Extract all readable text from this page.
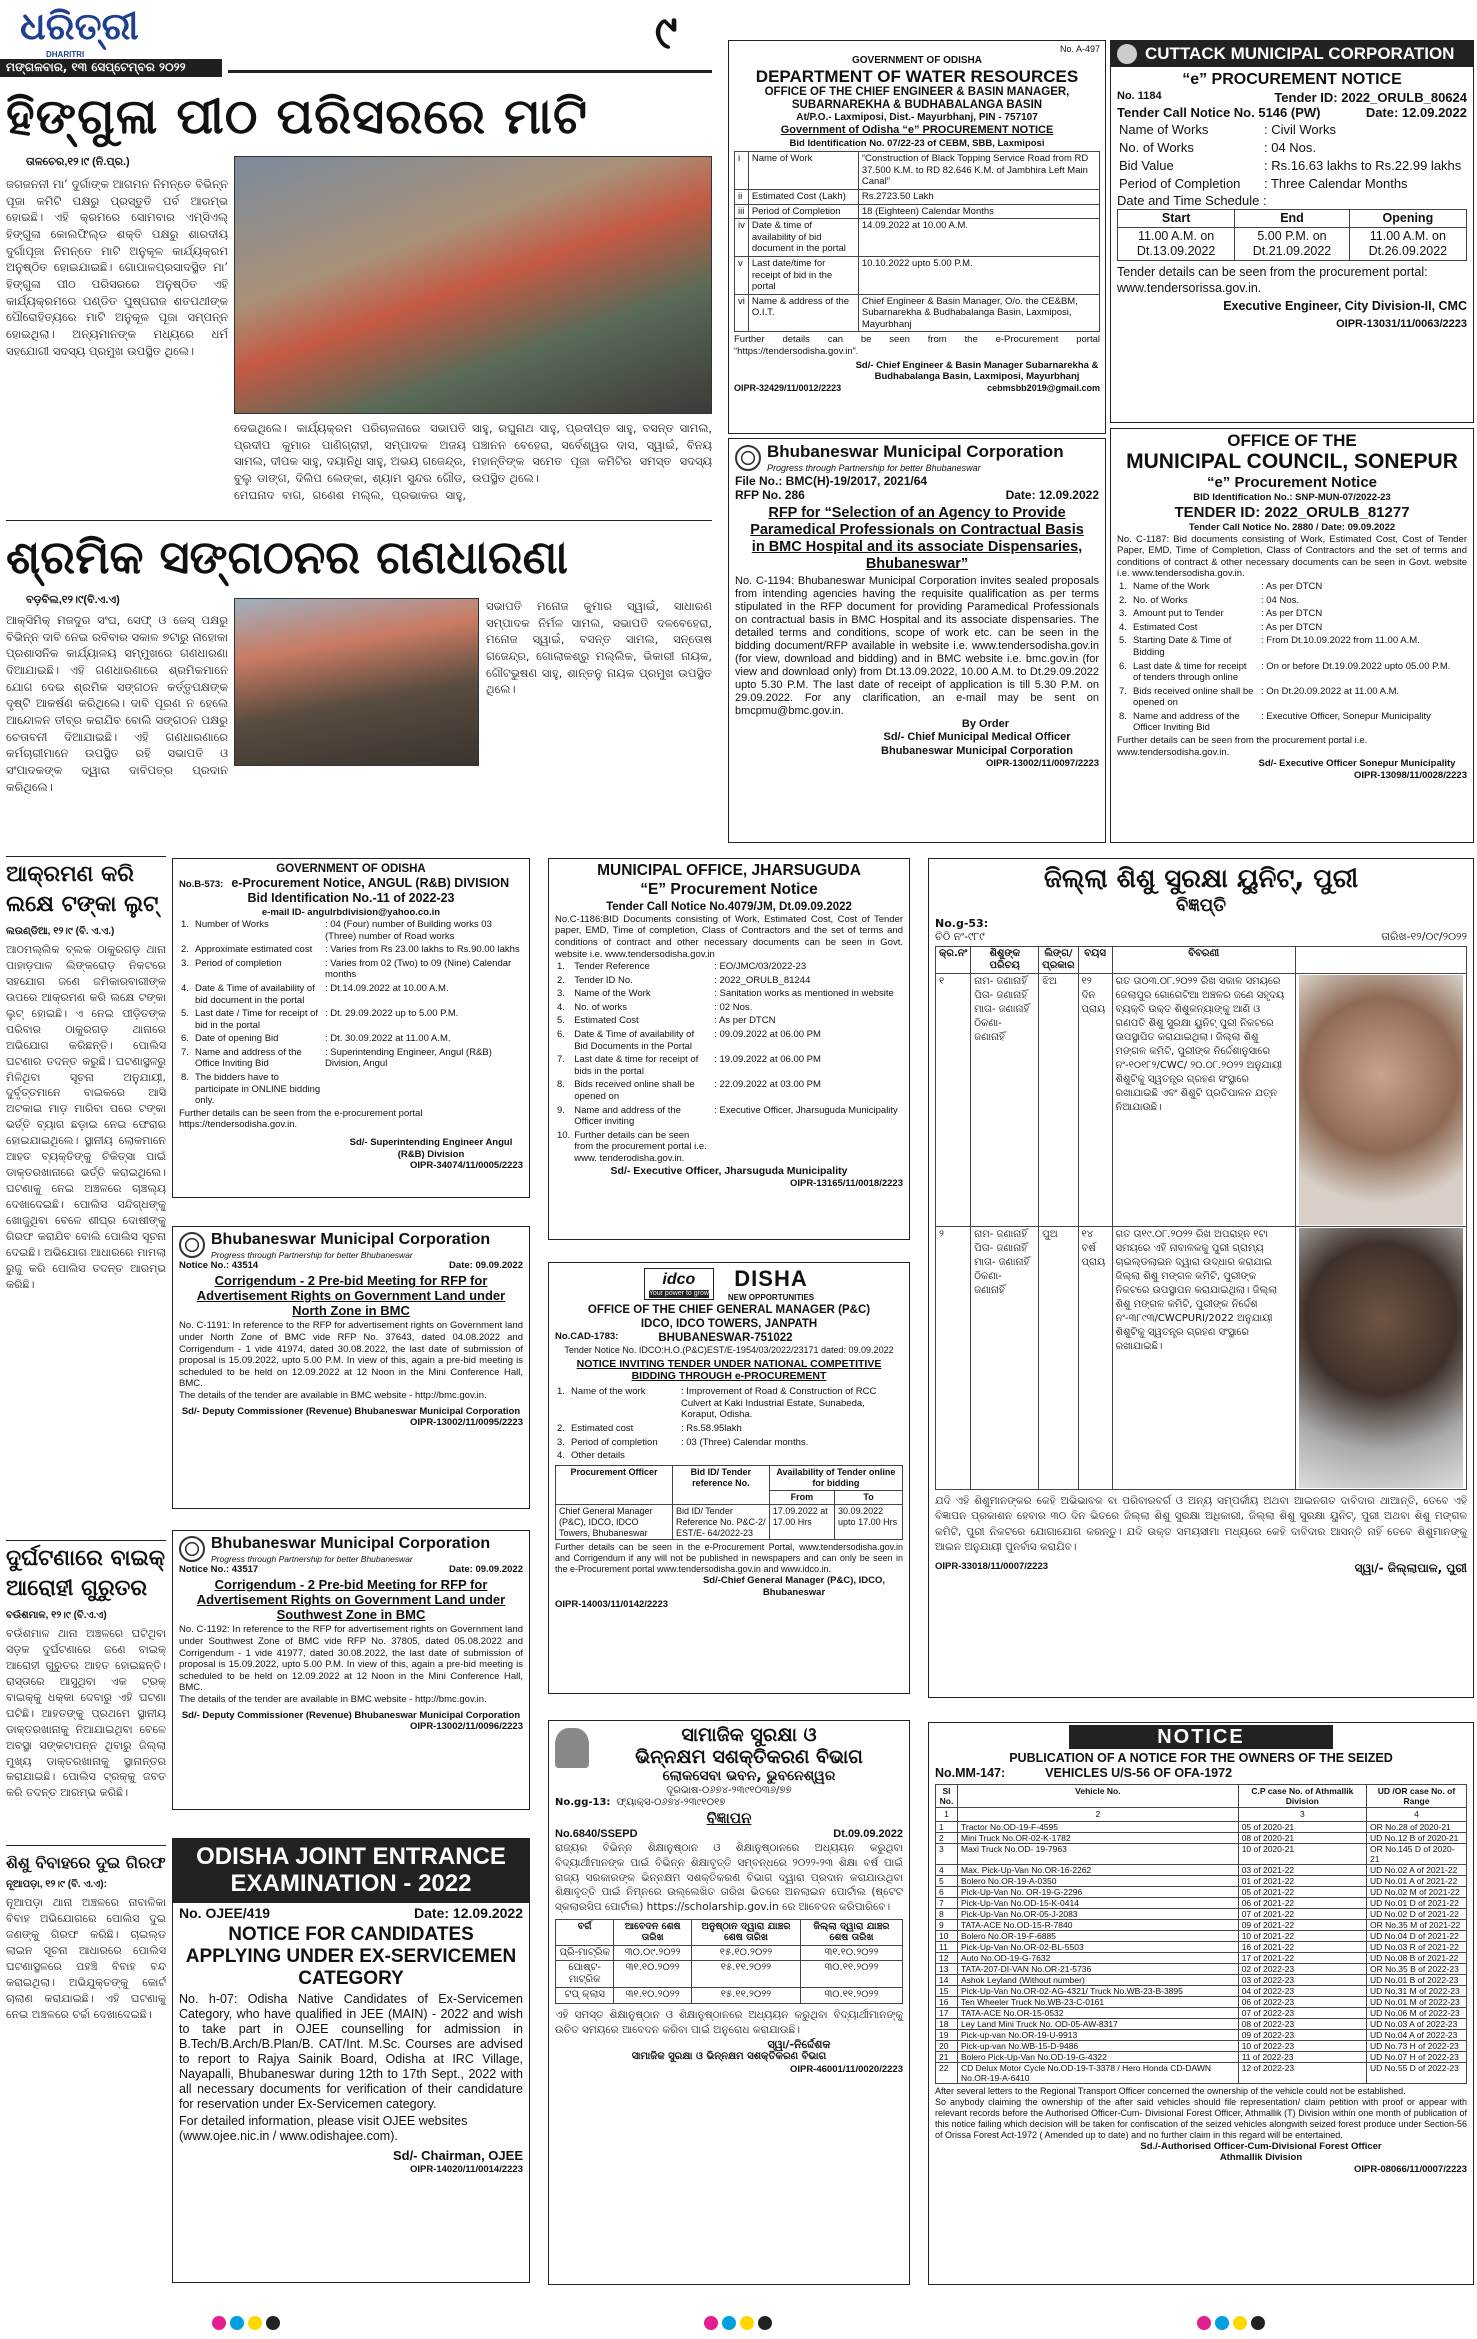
ଧରିତ୍ରୀ
DHARITRI
ମଙ୍ଗଳବାର, ୧୩ ସେପ୍ଟେମ୍ବର ୨୦୨୨
୯
ହିଙ୍ଗୁଳା ପୀଠ ପରିସରରେ ମାଟି
ତାଳଚେର,୧୨।୯ (ନି.ପ୍ର.)
ଜଗଜନନୀ ମା’ ଦୁର୍ଗାଙ୍କ ଆଗମନ ନିମନ୍ତେ ବିଭିନ୍ନ ପୂଜା କମିଟି ପକ୍ଷରୁ ପ୍ରସ୍ତୁତି ପର୍ବ ଆରମ୍ଭ ହୋଇଛି। ଏହି କ୍ରମରେ ସୋମବାର ଏମ୍‌ସିଏଲ୍ ହିଙ୍ଗୁଳା କୋଲଫିଲ୍ଡ ଶକ୍ତି ପକ୍ଷରୁ ଶାରଦୀୟ ଦୁର୍ଗାପୂଜା ନିମନ୍ତେ ମାଟି ଅନୁକୂଳ କାର୍ଯ୍ୟକ୍ରମ ଅନୁଷ୍ଠିତ ହୋଇଯାଇଛି। ଗୋପାଳପ୍ରସାଦସ୍ଥିତ ମା’ ହିଙ୍ଗୁଳା ପୀଠ ପରିସରରେ ଅନୁଷ୍ଠିତ ଏହି କାର୍ଯ୍ୟକ୍ରମରେ ପଣ୍ଡିତ ପୁଷ୍ପରାଜ ଶତପଥୀଙ୍କ ପୌରୋହିତ୍ୟରେ ମାଟି ଅନୁକୂଳ ପୂଜା ସମ୍ପନ୍ନ ହୋଇଥିଲା। ଅନ୍ୟମାନଙ୍କ ମଧ୍ୟରେ ଧର୍ମ ସହଯୋଗୀ ସଦସ୍ୟ ପ୍ରମୁଖ ଉପସ୍ଥିତ ଥିଲେ।
ଦେଇଥିଲେ। କାର୍ଯ୍ୟକ୍ରମ ପରିଚାଳନାରେ ସଭାପତି ପ୍ରଦୀପ କୁମାର ପାଣିଗ୍ରାହୀ, ସମ୍ପାଦକ ଅଜୟ ସାମଲ, ଦୀପକ ସାହୁ, ଦୟାନିଧି ସାହୁ, ଅଭୟ ଗଜେନ୍ଦ୍ର, ବୁଲୁ ଡାଙ୍ଗ, ଦିଲିପ ଲେଙ୍କା, ଶ୍ୟାମ ସୁନ୍ଦର ଗୌଡ, ମେଘନାଦ ବାଗ, ଗଣେଶ ମଲ୍ଲ, ପ୍ରଭାକର ସାହୁ,
ସାହୁ, ରଘୁନାଥ ସାହୁ, ପ୍ରଦୀପ୍ତ ସାହୁ, ବସନ୍ତ ସାମଲ, ପଞ୍ଚାନନ ବେହେରା, ସର୍ବେଶ୍ୱର ଦାସ, ସ୍ୱାଇଁ, ବିନୟ ମହାନ୍ତିଙ୍କ ସମେତ ପୂଜା କମିଟିର ସମସ୍ତ ସଦସ୍ୟ ଉପସ୍ଥିତ ଥିଲେ।
ଶ୍ରମିକ ସଙ୍ଗଠନର ଗଣଧାରଣା
ବଡ଼ବିଲ,୧୨।୯(ବି.ଏ.ଏ)
ଆକ୍ସିମିକ୍ ମଜଦୁର ସଂଘ, ସେଫ୍ ଓ ଜେସ୍ ପକ୍ଷରୁ ବିଭିନ୍ନ ଦାବି ନେଇ ରବିବାର ସକାଳ ୭ଟାରୁ ନାହୋକା ପ୍ରଶାସନିକ କାର୍ଯ୍ୟାଳୟ ସମ୍ମୁଖରେ ଗଣଧାରଣା ଦିଆଯାଇଛି। ଏହି ଗଣଧାରଣାରେ ଶ୍ରମିକମାନେ ଯୋଗ ଦେଇ ଶ୍ରମିକ ସଙ୍ଗଠନ କର୍ତ୍ତୃପକ୍ଷଙ୍କ ଦୃଷ୍ଟି ଆକର୍ଷଣ କରିଥିଲେ। ଦାବି ପୂରଣ ନ ହେଲେ ଆନ୍ଦୋଳନ ତୀବ୍ର କରାଯିବ ବୋଲି ସଙ୍ଗଠନ ପକ୍ଷରୁ ଚେତାବନୀ ଦିଆଯାଇଛି। ଏହି ଗଣଧାରଣାରେ କର୍ମଚାରୀମାନେ ଉପସ୍ଥିତ ରହି ସଭାପତି ଓ ସଂପାଦକଙ୍କ ଦ୍ୱାରା ଦାବିପତ୍ର ପ୍ରଦାନ କରିଥିଲେ।
ସଭାପତି ମନୋଜ କୁମାର ସ୍ୱାଇଁ, ସାଧାରଣ ସମ୍ପାଦକ ନିର୍ମଳ ସାମଲ, ସଭାପତି ଦଳବେହେରା, ମନୋଜ ସ୍ୱାଇଁ, ବସନ୍ତ ସାମଲ, ସନ୍ତୋଷ ଗଜେନ୍ଦ୍ର, ଗୋଲାକଶ୍ରୁ ମଲ୍ଲିକ, ଭିକାରୀ ନାୟକ, ଗୌଟଭୁଷଣ ସାହୁ, ଶାନ୍ତନୁ ନାୟକ ପ୍ରମୁଖ ଉପସ୍ଥିତ ଥିଲେ।
ଆକ୍ରମଣ କରି ଲକ୍ଷେ ଟଙ୍କା ଲୁଟ୍
ଲଉଣ୍ଡିଆ, ୧୨।୯ (ବି. ଏ.ଏ.)
ଆଠମଲ୍ଲିକ ବ୍ଲକ ଠାକୁରଗଡ଼ ଥାନା ପାହାଡ଼ପାଳ ଲିଙ୍କରୋଡ଼ ନିକଟରେ ସହଯୋଗ ଜଣେ ଜମିକାରବାରୀଙ୍କ ଉପରେ ଆକ୍ରମଣ କରି ଲକ୍ଷେ ଟଙ୍କା ଲୁଟ୍ ହୋଇଛି। ଏ ନେଇ ପୀଡ଼ିତଙ୍କ ପରିବାର ଠାକୁରଗଡ଼ ଥାନାରେ ଅଭିଯୋଗ କରିଛନ୍ତି। ପୋଲିସ ଘଟଣାର ତଦନ୍ତ କରୁଛି। ଘଟଣାସ୍ଥଳରୁ ମିଳିଥିବା ସୂଚନା ଅନୁଯାୟୀ, ଦୁର୍ବୃତ୍ତମାନେ ବାଇକରେ ଆସି ଅଟକାଇ ମାଡ଼ ମାରିବା ପରେ ଟଙ୍କା ଭର୍ତ୍ତି ବ୍ୟାଗ ଛଡ଼ାଇ ନେଇ ଫେରାର ହୋଇଯାଇଥିଲେ। ସ୍ଥାନୀୟ ଲୋକମାନେ ଆହତ ବ୍ୟକ୍ତିଙ୍କୁ ଚିକିତ୍ସା ପାଇଁ ଡାକ୍ତରଖାନାରେ ଭର୍ତ୍ତି କରାଇଥିଲେ। ଘଟଣାକୁ ନେଇ ଅଞ୍ଚଳରେ ଚାଞ୍ଚଲ୍ୟ ଦେଖାଦେଇଛି। ପୋଲିସ ସନ୍ଦିଗ୍ଧଙ୍କୁ ଖୋଜୁଥିବା ବେଳେ ଶୀଘ୍ର ଦୋଷୀଙ୍କୁ ଗିରଫ କରାଯିବ ବୋଲି ପୋଲିସ ସୂଚନା ଦେଇଛି। ଅଭିଯୋଗ ଆଧାରରେ ମାମଲା ରୁଜୁ କରି ପୋଲିସ ତଦନ୍ତ ଆରମ୍ଭ କରିଛି।
ଦୁର୍ଘଟଣାରେ ବାଇକ୍ ଆରୋହୀ ଗୁରୁତର
ବଉଁଶମାଳ, ୧୨।୯ (ବି.ଏ.ଏ)
ବଉଁଶମାଳ ଥାନା ଅଞ୍ଚଳରେ ଘଟିଥିବା ସଡ଼କ ଦୁର୍ଘଟଣାରେ ଜଣେ ବାଇକ୍ ଆରୋହୀ ଗୁରୁତର ଆହତ ହୋଇଛନ୍ତି। ରାସ୍ତାରେ ଆସୁଥିବା ଏକ ଟ୍ରକ୍ ବାଇକ୍‌କୁ ଧକ୍କା ଦେବାରୁ ଏହି ଘଟଣା ଘଟିଛି। ଆହତଙ୍କୁ ପ୍ରଥମେ ସ୍ଥାନୀୟ ଡାକ୍ତରଖାନାକୁ ନିଆଯାଇଥିବା ବେଳେ ଅବସ୍ଥା ସଙ୍କଟାପନ୍ନ ଥିବାରୁ ଜିଲ୍ଲା ମୁଖ୍ୟ ଡାକ୍ତରଖାନାକୁ ସ୍ଥାନାନ୍ତର କରାଯାଇଛି। ପୋଲିସ ଟ୍ରକ୍‌କୁ ଜବତ କରି ତଦନ୍ତ ଆରମ୍ଭ କରିଛି।
ଶିଶୁ ବିବାହରେ ଦୁଇ ଗିରଫ
ନୂଆପଡ଼ା, ୧୨।୯ (ବି. ଏ.ଏ):
ନୂଆପଡ଼ା ଥାନା ଅଞ୍ଚଳରେ ନାବାଳିକା ବିବାହ ଅଭିଯୋଗରେ ପୋଲିସ ଦୁଇ ଜଣଙ୍କୁ ଗିରଫ କରିଛି। ଚାଇଲ୍ଡ ଲାଇନ ସୂଚନା ଆଧାରରେ ପୋଲିସ ଘଟଣାସ୍ଥଳରେ ପହଞ୍ଚି ବିବାହ ବନ୍ଦ କରାଇଥିଲା। ଅଭିଯୁକ୍ତଙ୍କୁ କୋର୍ଟ ଚାଲାଣ କରାଯାଇଛି। ଏହି ଘଟଣାକୁ ନେଇ ଅଞ୍ଚଳରେ ଚର୍ଚ୍ଚା ଦେଖାଦେଇଛି।
No. A-497
GOVERNMENT OF ODISHA
DEPARTMENT OF WATER RESOURCES
OFFICE OF THE CHIEF ENGINEER & BASIN MANAGER, SUBARNAREKHA & BUDHABALANGA BASIN
At/P.O.- Laxmiposi, Dist.- Mayurbhanj, PIN - 757107
Government of Odisha “e” PROCUREMENT NOTICE
Bid Identification No. 07/22-23 of CEBM, SBB, Laxmiposi
i	Name of Work	“Construction of Black Topping Service Road from RD 37.500 K.M. to RD 82.646 K.M. of Jambhira Left Main Canal”
ii	Estimated Cost (Lakh)	Rs.2723.50 Lakh
iii	Period of Completion	18 (Eighteen) Calendar Months
iv	Date & time of availability of bid document in the portal	14.09.2022 at 10.00 A.M.
v	Last date/time for receipt of bid in the portal	10.10.2022 upto 5.00 P.M.
vi	Name & address of the O.I.T.	Chief Engineer & Basin Manager, O/o. the CE&BM, Subarnarekha & Budhabalanga Basin, Laxmiposi, Mayurbhanj
Further details can be seen from the e-Procurement portal “https://tendersodisha.gov.in”.
Sd/- Chief Engineer & Basin Manager Subarnarekha & Budhabalanga Basin, Laxmiposi, Mayurbhanj
OIPR-32429/11/0012/2223	cebmsbb2019@gmail.com
CUTTACK MUNICIPAL CORPORATION
“e” PROCUREMENT NOTICE
No. 1184	Tender ID: 2022_ORULB_80624
Tender Call Notice No. 5146 (PW)	Date: 12.09.2022
Name of Works	: Civil Works
No. of Works	: 04 Nos.
Bid Value	: Rs.16.63 lakhs to Rs.22.99 lakhs
Period of Completion	: Three Calendar Months
Date and Time Schedule :
Start	End	Opening
11.00 A.M. on Dt.13.09.2022	5.00 P.M. on Dt.21.09.2022	11.00 A.M. on Dt.26.09.2022
Tender details can be seen from the procurement portal: www.tendersorissa.gov.in.
Executive Engineer, City Division-II, CMC
OIPR-13031/11/0063/2223
OFFICE OF THE
MUNICIPAL COUNCIL, SONEPUR
“e” Procurement Notice
BID Identification No.: SNP-MUN-07/2022-23
TENDER ID: 2022_ORULB_81277
Tender Call Notice No. 2880 / Date: 09.09.2022
No. C-1187: Bid documents consisting of Work, Estimated Cost, Cost of Tender Paper, EMD, Time of Completion, Class of Contractors and the set of terms and conditions of contract & other necessary documents can be seen in Govt. website i.e. www.tendersodisha.gov.in.
1.	Name of the Work	: As per DTCN
2.	No. of Works	: 04 Nos.
3.	Amount put to Tender	: As per DTCN
4.	Estimated Cost	: As per DTCN
5.	Starting Date & Time of Bidding	: From Dt.10.09.2022 from 11.00 A.M.
6.	Last date & time for receipt of tenders through online	: On or before Dt.19.09.2022 upto 05.00 P.M.
7.	Bids received online shall be opened on	: On Dt.20.09.2022 at 11.00 A.M.
8.	Name and address of the Officer Inviting Bid	: Executive Officer, Sonepur Municipality
Further details can be seen from the procurement portal i.e. www.tendersodisha.gov.in.
Sd/- Executive Officer Sonepur Municipality
OIPR-13098/11/0028/2223
Bhubaneswar Municipal Corporation
Progress through Partnership for better Bhubaneswar
File No.: BMC(H)-19/2017, 2021/64
RFP No. 286	Date: 12.09.2022
RFP for “Selection of an Agency to Provide Paramedical Professionals on Contractual Basis in BMC Hospital and its associate Dispensaries, Bhubaneswar”
No. C-1194: Bhubaneswar Municipal Corporation invites sealed proposals from intending agencies having the requisite qualification as per terms stipulated in the RFP document for providing Paramedical Professionals on contractual basis in BMC Hospital and its associate dispensaries. The detailed terms and conditions, scope of work etc. can be seen in the bidding document/RFP available in website i.e. www.tendersodisha.gov.in (for view, download and bidding) and in BMC website i.e. bmc.gov.in (for view and download only) from Dt.13.09.2022, 10.00 A.M. to Dt.29.09.2022 upto 5.30 P.M. The last date of receipt of application is till 5.30 P.M. on 29.09.2022. For any clarification, an e-mail may be sent on bmcpmu@bmc.gov.in.
By Order
Sd/- Chief Municipal Medical Officer Bhubaneswar Municipal Corporation
OIPR-13002/11/0097/2223
GOVERNMENT OF ODISHA
No.B-573: e-Procurement Notice, ANGUL (R&B) DIVISION
Bid Identification No.-11 of 2022-23
e-mail ID- angulrbdivision@yahoo.co.in
1.	Number of Works	: 04 (Four) number of Building works 03 (Three) number of Road works
2.	Approximate estimated cost	: Varies from Rs 23.00 lakhs to Rs.90.00 lakhs
3.	Period of completion	: Varies from 02 (Two) to 09 (Nine) Calendar months
4.	Date & Time of availability of bid document in the portal	: Dt.14.09.2022 at 10.00 A.M.
5.	Last date / Time for receipt of bid in the portal	: Dt. 29.09.2022 up to 5.00 P.M.
6.	Date of opening Bid	: Dt. 30.09.2022 at 11.00 A.M.
7.	Name and address of the Office Inviting Bid	: Superintending Engineer, Angul (R&B) Division, Angul
8.	The bidders have to participate in ONLINE bidding only.	
Further details can be seen from the e-procurement portal https://tendersodisha.gov.in.
Sd/- Superintending Engineer Angul (R&B) Division
OIPR-34074/11/0005/2223
Bhubaneswar Municipal Corporation
Progress through Partnership for better Bhubaneswar
Notice No.: 43514	Date: 09.09.2022
Corrigendum - 2 Pre-bid Meeting for RFP for Advertisement Rights on Government Land under North Zone in BMC
No. C-1191: In reference to the RFP for advertisement rights on Government land under North Zone of BMC vide RFP No. 37643, dated 04.08.2022 and Corrigendum - 1 vide 41974, dated 30.08.2022, the last date of submission of proposal is 15.09.2022, upto 5.00 P.M. In view of this, again a pre-bid meeting is scheduled to be held on 12.09.2022 at 12 Noon in the Mini Conference Hall, BMC.
The details of the tender are available in BMC website - http://bmc.gov.in.
Sd/- Deputy Commissioner (Revenue) Bhubaneswar Municipal Corporation
OIPR-13002/11/0095/2223
Bhubaneswar Municipal Corporation
Progress through Partnership for better Bhubaneswar
Notice No.: 43517	Date: 09.09.2022
Corrigendum - 2 Pre-bid Meeting for RFP for Advertisement Rights on Government Land under Southwest Zone in BMC
No. C-1192: In reference to the RFP for advertisement rights on Government land under Southwest Zone of BMC vide RFP No. 37805, dated 05.08.2022 and Corrigendum - 1 vide 41977, dated 30.08.2022, the last date of submission of proposal is 15.09.2022, upto 5.00 P.M. In view of this, again a pre-bid meeting is scheduled to be held on 12.09.2022 at 12 Noon in the Mini Conference Hall, BMC.
The details of the tender are available in BMC website - http://bmc.gov.in.
Sd/- Deputy Commissioner (Revenue) Bhubaneswar Municipal Corporation
OIPR-13002/11/0096/2223
ODISHA JOINT ENTRANCE EXAMINATION - 2022
No. OJEE/419	Date: 12.09.2022
NOTICE FOR CANDIDATES APPLYING UNDER EX-SERVICEMEN CATEGORY
No. h-07: Odisha Native Candidates of Ex-Servicemen Category, who have qualified in JEE (MAIN) - 2022 and wish to take part in OJEE counselling for admission in B.Tech/B.Arch/B.Plan/B. CAT/Int. M.Sc. Courses are advised to report to Rajya Sainik Board, Odisha at IRC Village, Nayapalli, Bhubaneswar during 12th to 17th Sept., 2022 with all necessary documents for verification of their candidature for reservation under Ex-Servicemen category.
For detailed information, please visit OJEE websites (www.ojee.nic.in / www.odishajee.com).
Sd/- Chairman, OJEE
OIPR-14020/11/0014/2223
MUNICIPAL OFFICE, JHARSUGUDA
“E” Procurement Notice
Tender Call Notice No.4079/JM, Dt.09.09.2022
No.C-1186:BID Documents consisting of Work, Estimated Cost, Cost of Tender paper, EMD, Time of completion, Class of Contractors and the set of terms and conditions of contract and other necessary documents can be seen in Govt. website i.e. www.tendersodisha.gov.in
1.	Tender Reference	: EO/JMC/03/2022-23
2.	Tender ID No.	: 2022_ORULB_81244
3.	Name of the Work	: Sanitation works as mentioned in website
4.	No. of works	: 02 Nos.
5.	Estimated Cost	: As per DTCN
6.	Date & Time of availability of Bid Documents in the Portal	: 09.09.2022 at 06.00 PM
7.	Last date & time for receipt of bids in the portal	: 19.09.2022 at 06.00 PM
8.	Bids received online shall be opened on	: 22.09.2022 at 03.00 PM
9.	Name and address of the Officer inviting	: Executive Officer, Jharsuguda Municipality
10.	Further details can be seen from the procurement portal i.e. www. tenderodisha.gov.in.	
Sd/- Executive Officer, Jharsuguda Municipality
OIPR-13165/11/0018/2223
idco
Your power to grow
DISHA
NEW OPPORTUNITIES
OFFICE OF THE CHIEF GENERAL MANAGER (P&C)
IDCO, IDCO TOWERS, JANPATH
No.CAD-1783:	BHUBANESWAR-751022
Tender Notice No. IDCO:H.O.(P&C)EST/E-1954/03/2022/23171 dated: 09.09.2022
NOTICE INVITING TENDER UNDER NATIONAL COMPETITIVE BIDDING THROUGH e-PROCUREMENT
1.	Name of the work	: Improvement of Road & Construction of RCC Culvert at Kaki Industrial Estate, Sunabeda, Koraput, Odisha.
2.	Estimated cost	: Rs.58.95lakh
3.	Period of completion	: 03 (Three) Calendar months.
4.	Other details	
Procurement Officer	Bid ID/ Tender reference No.	Availability of Tender online for bidding	
		From	To
Chief General Manager (P&C), IDCO, IDCO Towers, Bhubaneswar	Bid ID/ Tender Reference No. P&C-2/ EST/E- 64/2022-23	17.09.2022 at 17.00 Hrs	30.09.2022 upto 17.00 Hrs
Further details can be seen in the e-Procurement Portal, www.tendersodisha.gov.in and Corrigendum if any will not be published in newspapers and can only be seen in the e-Procurement portal www.tendersodisha.gov.in and www.idco.in.
Sd/-Chief General Manager (P&C), IDCO, Bhubaneswar
OIPR-14003/11/0142/2223
ସାମାଜିକ ସୁରକ୍ଷା ଓ
ଭିନ୍ନକ୍ଷମ ସଶକ୍ତିକରଣ ବିଭାଗ
ଲୋକସେବା ଭବନ, ଭୁବନେଶ୍ୱର
ଦୂରଭାଷ-୦୬୭୪-୨୩୯୧୦୩୬/୭୭
No.gg-13: ଫ୍ୟାକ୍ସ-୦୬୭୪-୨୩୯୧୦୧୭
ବିଜ୍ଞାପନ
No.6840/SSEPD	Dt.09.09.2022
ରାଜ୍ୟର ବିଭିନ୍ନ ଶିକ୍ଷାନୁଷ୍ଠାନ ଓ ଶିକ୍ଷାନୁଷ୍ଠାନରେ ଅଧ୍ୟୟନ କରୁଥିବା ବିଦ୍ୟାର୍ଥୀମାନଙ୍କ ପାଇଁ ବିଭିନ୍ନ ଶିକ୍ଷାବୃତ୍ତି ସମ୍ବନ୍ଧରେ ୨୦୨୨-୨୩ ଶିକ୍ଷା ବର୍ଷ ପାଇଁ ରାଜ୍ୟ ସରକାରଙ୍କ ଭିନ୍ନକ୍ଷମ ସଶକ୍ତିକରଣ ବିଭାଗ ଦ୍ୱାରା ପ୍ରଦାନ କରାଯାଉଥିବା ଶିକ୍ଷାବୃତ୍ତି ପାଇଁ ନିମ୍ନରେ ଉଲ୍ଲେଖିତ ତାରିଖ ଭିତରେ ଅନଲାଇନ ପୋର୍ଟାଲ (ଷ୍ଟେଟ ସ୍କଲାରସିପ ପୋର୍ଟାଲ) https://scholarship.gov.in ରେ ଆବେଦନ କରିପାରିବେ।
ବର୍ଗ	ଆବେଦନ ଶେଷ ତାରିଖ	ଅନୁଷ୍ଠାନ ଦ୍ୱାରା ଯାଞ୍ଚର ଶେଷ ତାରିଖ	ଜିଲ୍ଲା ଦ୍ୱାରା ଯାଞ୍ଚର ଶେଷ ତାରିଖ
ପ୍ରି-ମାଟ୍ରିକ	୩୦.୦୯.୨୦୨୨	୧୫.୧୦.୨୦୨୨	୩୧.୧୦.୨୦୨୨
ପୋଷ୍ଟ-ମାଟ୍ରିକ	୩୧.୧୦.୨୦୨୨	୧୫.୧୧.୨୦୨୨	୩୦.୧୧.୨୦୨୨
ଟପ୍ କ୍ଲାସ	୩୧.୧୦.୨୦୨୨	୧୫.୧୧.୨୦୨୨	୩୦.୧୧.୨୦୨୨
ଏହି ସମସ୍ତ ଶିକ୍ଷାନୁଷ୍ଠାନ ଓ ଶିକ୍ଷାନୁଷ୍ଠାନରେ ଅଧ୍ୟୟନ କରୁଥିବା ବିଦ୍ୟାର୍ଥୀମାନଙ୍କୁ ଉଚିତ ସମୟରେ ଆବେଦନ କରିବା ପାଇଁ ଅନୁରୋଧ କରାଯାଉଛି।
ସ୍ୱା/-ନିର୍ଦ୍ଦେଶକ
ସାମାଜିକ ସୁରକ୍ଷା ଓ ଭିନ୍ନକ୍ଷମ ସଶକ୍ତିକରଣ ବିଭାଗ
OIPR-46001/11/0020/2223
ଜିଲ୍ଲା ଶିଶୁ ସୁରକ୍ଷା ୟୁନିଟ୍, ପୁରୀ
ବିଜ୍ଞପ୍ତି
No.g-53:
ଚିଠି ନଂ-୯୮୯	ତାରିଖ-୧୨/୦୯/୨୦୨୨
କ୍ର.ନଂ	ଶିଶୁଙ୍କ ପରିଚୟ	ଲିଙ୍ଗ/ ପ୍ରକାର	ବୟସ	ବିବରଣୀ	
୧	ନାମ- ଜଣାନାହିଁ ପିତା- ଜଣାନାହିଁ ମାତା- ଜଣାନାହିଁ ଠିକଣା- ଜଣାନାହିଁ	ଝିଅ	୧୨ ଦିନ ପ୍ରାୟ	ଗତ ତା୦୩.୦୮.୨୦୨୨ ରିଖ ସକାଳ ସମୟରେ ଜେଲାପୁର ଗୋଗେଟିଆ ଅଞ୍ଚଳର ଜଣେ ସହୃଦୟ ବ୍ୟକ୍ତି ଉକ୍ତ ଶିଶୁକନ୍ୟାଙ୍କୁ ଆଣି ଓ ଗଣପତି ଶିଶୁ ସୁରକ୍ଷା ୟୁନିଟ୍ ପୁରୀ ନିକଟରେ ଉପସ୍ଥାପିତ କରାଯାଇଥିଲା। ଜିଲ୍ଲା ଶିଶୁ ମଙ୍ଗଳ କମିଟି, ପୁରୀଙ୍କ ନିର୍ଦ୍ଦେଶାନୁସାରେ ନଂ-୧୦୧୮୨/CWC/ ୨୦.୦୮.୨୦୨୨ ଅନୁଯାୟୀ ଶିଶୁଟିକୁ ସ୍ୱତନ୍ତ୍ର ଗ୍ରହଣ ସଂସ୍ଥାରେ ରଖାଯାଇଛି ଏବଂ ଶିଶୁଟି ପ୍ରତିପାଳନ ଯତ୍ନ ନିଆଯାଉଛି।	

୨	ନାମ- ଜଣାନାହିଁ ପିତା- ଜଣାନାହିଁ ମାତା- ଜଣାନାହିଁ ଠିକଣା- ଜଣାନାହିଁ	ପୁଅ	୧୪ ବର୍ଷ ପ୍ରାୟ	ଗତ ତା୧୯.୦୮.୨୦୨୨ ରିଖ ଅପରାହ୍ନ ୧ଟା ସମୟରେ ଏହି ନାବାଳକକୁ ପୁରୀ ଗ୍ରାମ୍ୟ ଚାଇଲ୍ଡଲାଇନ ଦ୍ୱାରା ଉଦ୍ଧାର କରାଯାଇ ଜିଲ୍ଲା ଶିଶୁ ମଙ୍ଗଳ କମିଟି, ପୁରୀଙ୍କ ନିକଟରେ ଉପସ୍ଥାପନ କରାଯାଇଥିଲା। ଜିଲ୍ଲା ଶିଶୁ ମଙ୍ଗଳ କମିଟି, ପୁରୀଙ୍କ ନିର୍ଦ୍ଦେଶ ନଂ-୩୮୯୩/CWCPURI/2022 ଅନୁଯାୟୀ ଶିଶୁଟିକୁ ସ୍ୱତନ୍ତ୍ର ଗ୍ରହଣ ସଂସ୍ଥାରେ ରଖାଯାଇଛି।	
ଯଦି ଏହି ଶିଶୁମାନଙ୍କର କେହି ଅଭିଭାବକ ବା ପରିବାରବର୍ଗ ଓ ଅନ୍ୟ ସମ୍ପର୍କୀୟ ଅଥବା ଆଇନଗତ ଦାବିଦାର ଥାଆନ୍ତି, ତେବେ ଏହି ବିଜ୍ଞାପନ ପ୍ରକାଶନ ହେବାର ୩୦ ଦିନ ଭିତରେ ଜିଲ୍ଲା ଶିଶୁ ସୁରକ୍ଷା ଅଧିକାରୀ, ଜିଲ୍ଲା ଶିଶୁ ସୁରକ୍ଷା ୟୁନିଟ୍, ପୁରୀ ଅଥବା ଶିଶୁ ମଙ୍ଗଳ କମିଟି, ପୁରୀ ନିକଟରେ ଯୋଗାଯୋଗ କରନ୍ତୁ। ଯଦି ଉକ୍ତ ସମୟସୀମା ମଧ୍ୟରେ କେହି ଦାବିଦାର ଆସନ୍ତି ନାହିଁ ତେବେ ଶିଶୁମାନଙ୍କୁ ଆଇନ ଅନୁଯାୟୀ ପୁନର୍ବାସ କରାଯିବ।
OIPR-33018/11/0007/2223	ସ୍ୱା/- ଜିଲ୍ଲାପାଳ, ପୁରୀ
NOTICE
PUBLICATION OF A NOTICE FOR THE OWNERS OF THE SEIZED
No.MM-147:	VEHICLES U/S-56 OF OFA-1972
Sl No.	Vehicle No.	C.P case No. of Athmallik Division	UD /OR case No. of Range
1	2	3	4
1	Tractor No.OD-19-F-4595	05 of 2020-21	OR No.28 of 2020-21
2	Mini Truck No.OR-02-K-1782	08 of 2020-21	UD No.12 B of 2020-21
3	Maxi Truck No.OD- 19-7963	10 of 2020-21	OR No.145 D of 2020-21
4	Max. Pick-Up-Van No.OR-16-2262	03 of 2021-22	UD No.02 A of 2021-22
5	Bolero No.OR-19-A-0350	01 of 2021-22	UD No.01 A of 2021-22
6	Pick-Up-Van No. OR-19-G-2296	05 of 2021-22	UD No.02 M of 2021-22
7	Pick-Up-Van No.OD-15-K-0414	06 of 2021-22	UD No.01 D of 2021-22
8	Pick-Up-Van No.OR-05-J-2083	07 of 2021-22	UD No.02 D of 2021-22
9	TATA-ACE No.OD-15-R-7840	09 of 2021-22	OR No.35 M of 2021-22
10	Bolero No.OR-19-F-6885	10 of 2021-22	UD No.04 D of 2021-22
11	Pick-Up-Van No.OR-02-BL-5503	16 of 2021-22	UD No.03 R of 2021-22
12	Auto No.OD-19-G-7632	17 of 2021-22	UD No.08 B of 2021-22
13	TATA-207-DI-VAN No.OR-21-5736	02 of 2022-23	OR No.35 B of 2022-23
14	Ashok Leyland (Without number)	03 of 2022-23	UD No.01 B of 2022-23
15	Pick-Up-Van No.OR-02-AG-4321/ Truck No.WB-23-B-3895	04 of 2022-23	UD No.31 M of 2022-23
16	Ten Wheeler Truck No.WB-23-C-0161	06 of 2022-23	UD No.01 M of 2022-23
17	TATA-ACE No.OR-15-0532	07 of 2022-23	UD No.06 M of 2022-23
18	Ley Land Mini Truck No. OD-05-AW-8317	08 of 2022-23	UD No.03 A of 2022-23
19	Pick-up-van No.OR-19-U-9913	09 of 2022-23	UD No.04 A of 2022-23
20	Pick-up-van No.WB-15-D-9486	10 of 2022-23	UD No.73 H of 2022-23
21	Bolero Pick-Up-Van No.OD-19-G-4322	11 of 2022-23	UD No.07 H of 2022-23
22	CD Delux Motor Cycle No.OD-19-T-3378 / Hero Honda CD-DAWN No.OR-19-A-6410	12 of 2022-23	UD No.55 D of 2022-23
After several letters to the Regional Transport Officer concerned the ownership of the vehicle could not be established.
So anybody claiming the ownership of the after said vehicles should file representation/ claim petition with proof or appear with relevant records before the Authorised Officer-Cum- Divisional Forest Officer, Athmallik (T) Division within one month of publication of this notice failing which decision will be taken for confiscation of the seized vehicles alongwith seized forest produce under Section-56 of Orissa Forest Act-1972 ( Amended up to date) and no further claim in this regard will be entertained.
Sd./-Authorised Officer-Cum-Divisional Forest Officer
Athmallik Division
OIPR-08066/11/0007/2223
